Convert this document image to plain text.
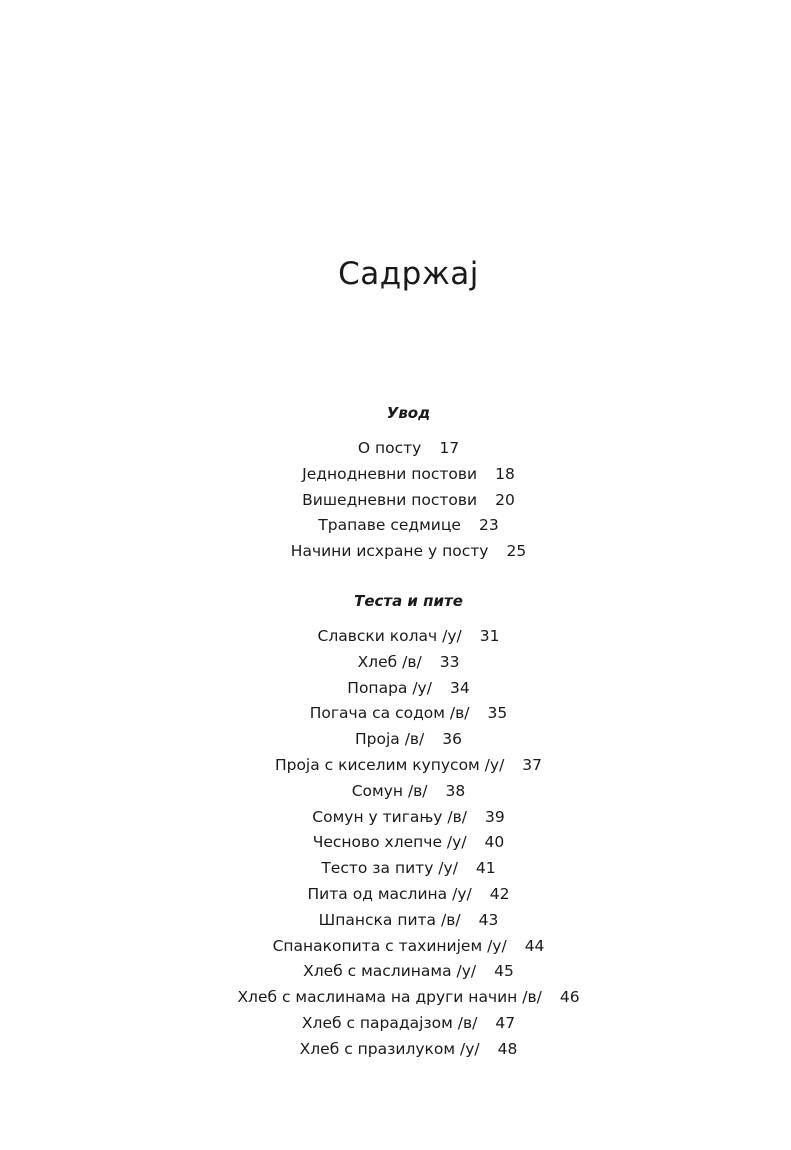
Садржај
Увод
О посту 17
Једнодневни постови 18
Вишедневни постови 20
Трапаве седмице 23
Начини исхране у посту 25
Теста и пите
Славски колач /у/ 31
Хлеб /в/ 33
Попара /у/ 34
Погача са содом /в/ 35
Проја /в/ 36
Проја с киселим купусом /у/ 37
Сомун /в/ 38
Сомун у тигању /в/ 39
Чесново хлепче /у/ 40
Тесто за питу /у/ 41
Пита од маслина /у/ 42
Шпанска пита /в/ 43
Спанакопита с тахинијем /у/ 44
Хлеб с маслинама /у/ 45
Хлеб с маслинама на други начин /в/ 46
Хлеб с парадајзом /в/ 47
Хлеб с празилуком /у/ 48
